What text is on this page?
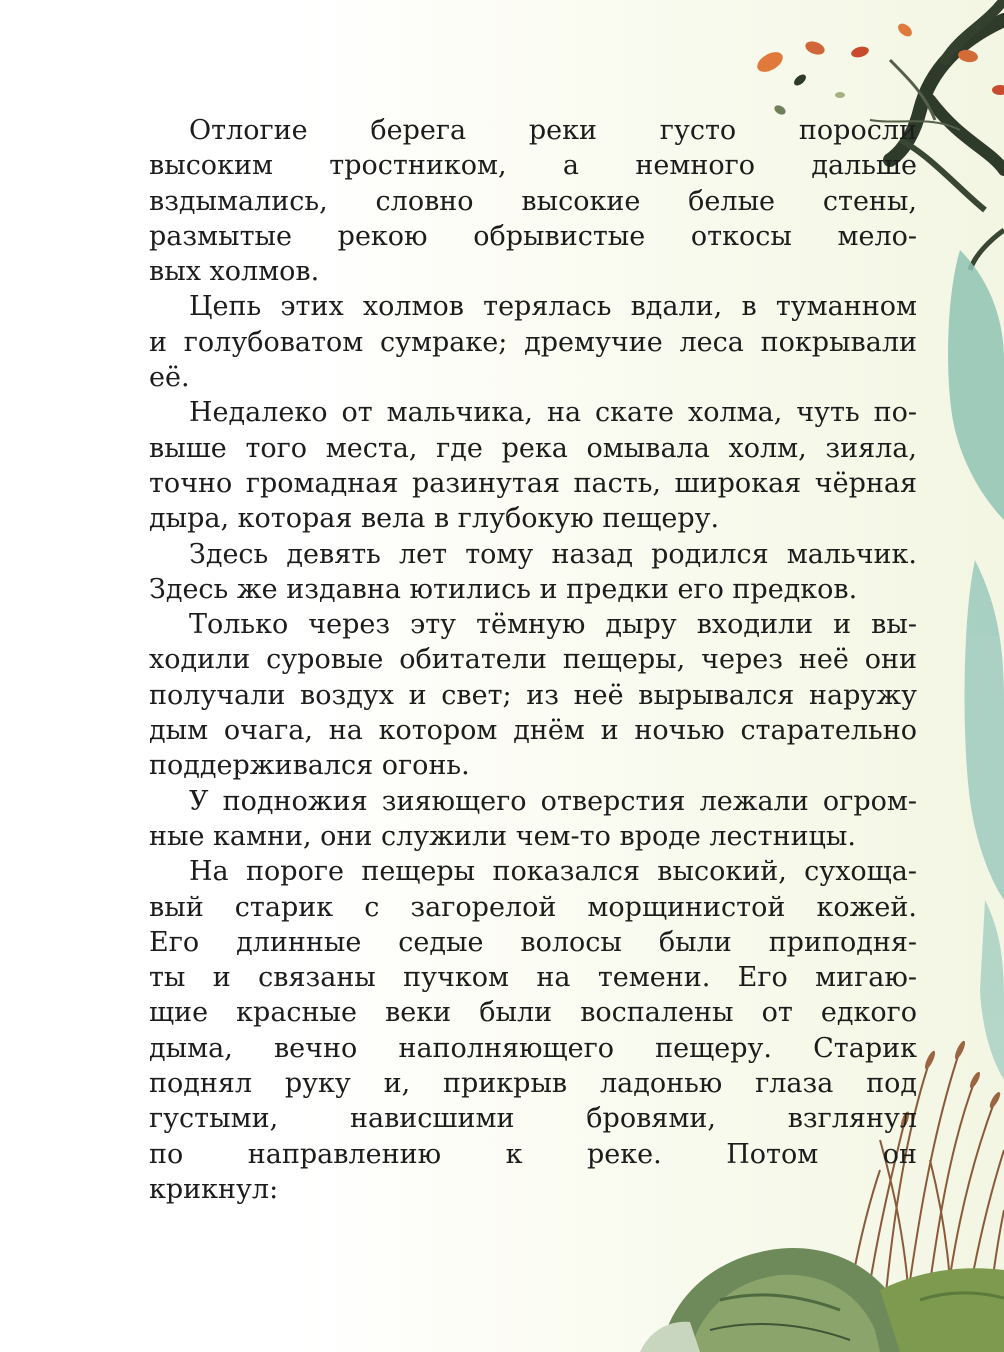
Отлогие берега реки густо поросли
высоким тростником, а немного дальше
вздымались, словно высокие белые стены,
размытые рекою обрывистые откосы мело-
вых холмов.
Цепь этих холмов терялась вдали, в туманном
и голубоватом сумраке; дремучие леса покрывали
её.
Недалеко от мальчика, на скате холма, чуть по-
выше того места, где река омывала холм, зияла,
точно громадная разинутая пасть, широкая чёрная
дыра, которая вела в глубокую пещеру.
Здесь девять лет тому назад родился мальчик.
Здесь же издавна ютились и предки его предков.
Только через эту тёмную дыру входили и вы-
ходили суровые обитатели пещеры, через неё они
получали воздух и свет; из неё вырывался наружу
дым очага, на котором днём и ночью старательно
поддерживался огонь.
У подножия зияющего отверстия лежали огром-
ные камни, они служили чем-то вроде лестницы.
На пороге пещеры показался высокий, сухоща-
вый старик с загорелой морщинистой кожей.
Его длинные седые волосы были приподня-
ты и связаны пучком на темени. Его мигаю-
щие красные веки были воспалены от едкого
дыма, вечно наполняющего пещеру. Старик
поднял руку и, прикрыв ладонью глаза под
густыми, нависшими бровями, взглянул
по направлению к реке. Потом он
крикнул:
